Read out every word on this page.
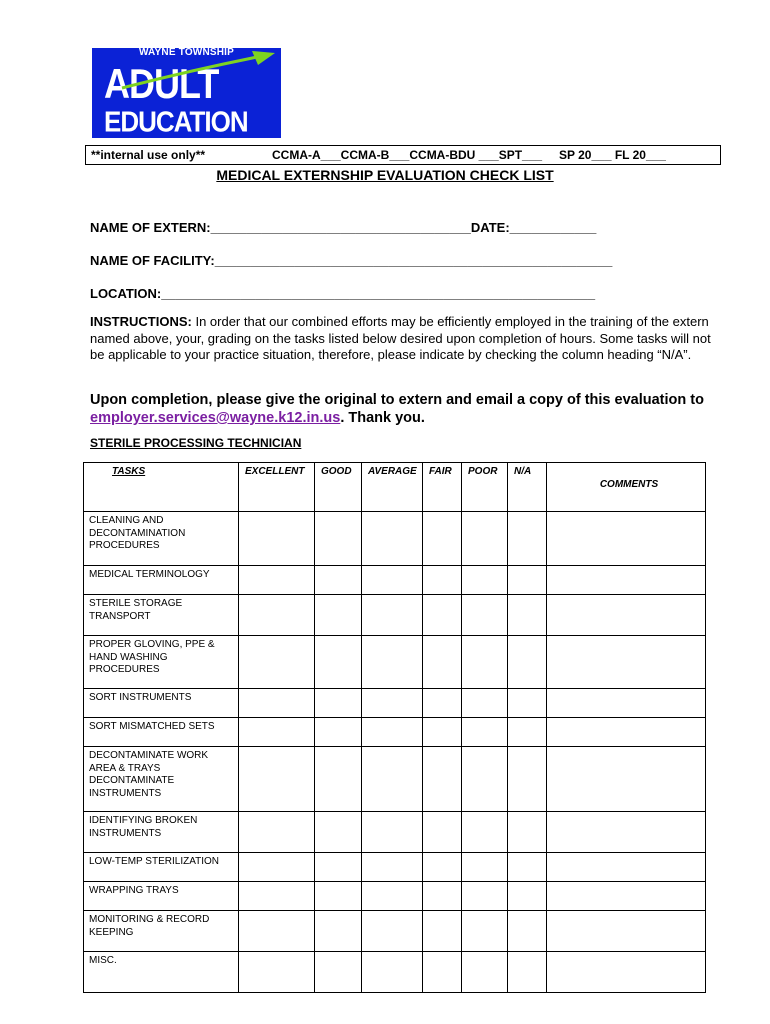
WAYNE TOWNSHIP
ADULT
EDUCATION
**internal use only**	CCMA-A___CCMA-B___CCMA-BDU ___SPT___ SP 20___ FL 20___
MEDICAL EXTERNSHIP EVALUATION CHECK LIST
NAME OF EXTERN:____________________________________DATE:____________
NAME OF FACILITY:_______________________________________________________
LOCATION:____________________________________________________________
INSTRUCTIONS: In order that our combined efforts may be efficiently employed in the training of the extern named above, your, grading on the tasks listed below desired upon completion of hours. Some tasks will not be applicable to your practice situation, therefore, please indicate by checking the column heading “N/A”.
Upon completion, please give the original to extern and email a copy of this evaluation to employer.services@wayne.k12.in.us. Thank you.
STERILE PROCESSING TECHNICIAN
TASKS	EXCELLENT	GOOD	AVERAGE	FAIR	POOR	N/A	COMMENTS
CLEANING AND DECONTAMINATION PROCEDURES							
MEDICAL TERMINOLOGY							
STERILE STORAGE TRANSPORT							
PROPER GLOVING, PPE & HAND WASHING PROCEDURES							
SORT INSTRUMENTS							
SORT MISMATCHED SETS							
DECONTAMINATE WORK AREA & TRAYS DECONTAMINATE INSTRUMENTS							
IDENTIFYING BROKEN INSTRUMENTS							
LOW-TEMP STERILIZATION							
WRAPPING TRAYS							
MONITORING & RECORD KEEPING							
MISC.							
